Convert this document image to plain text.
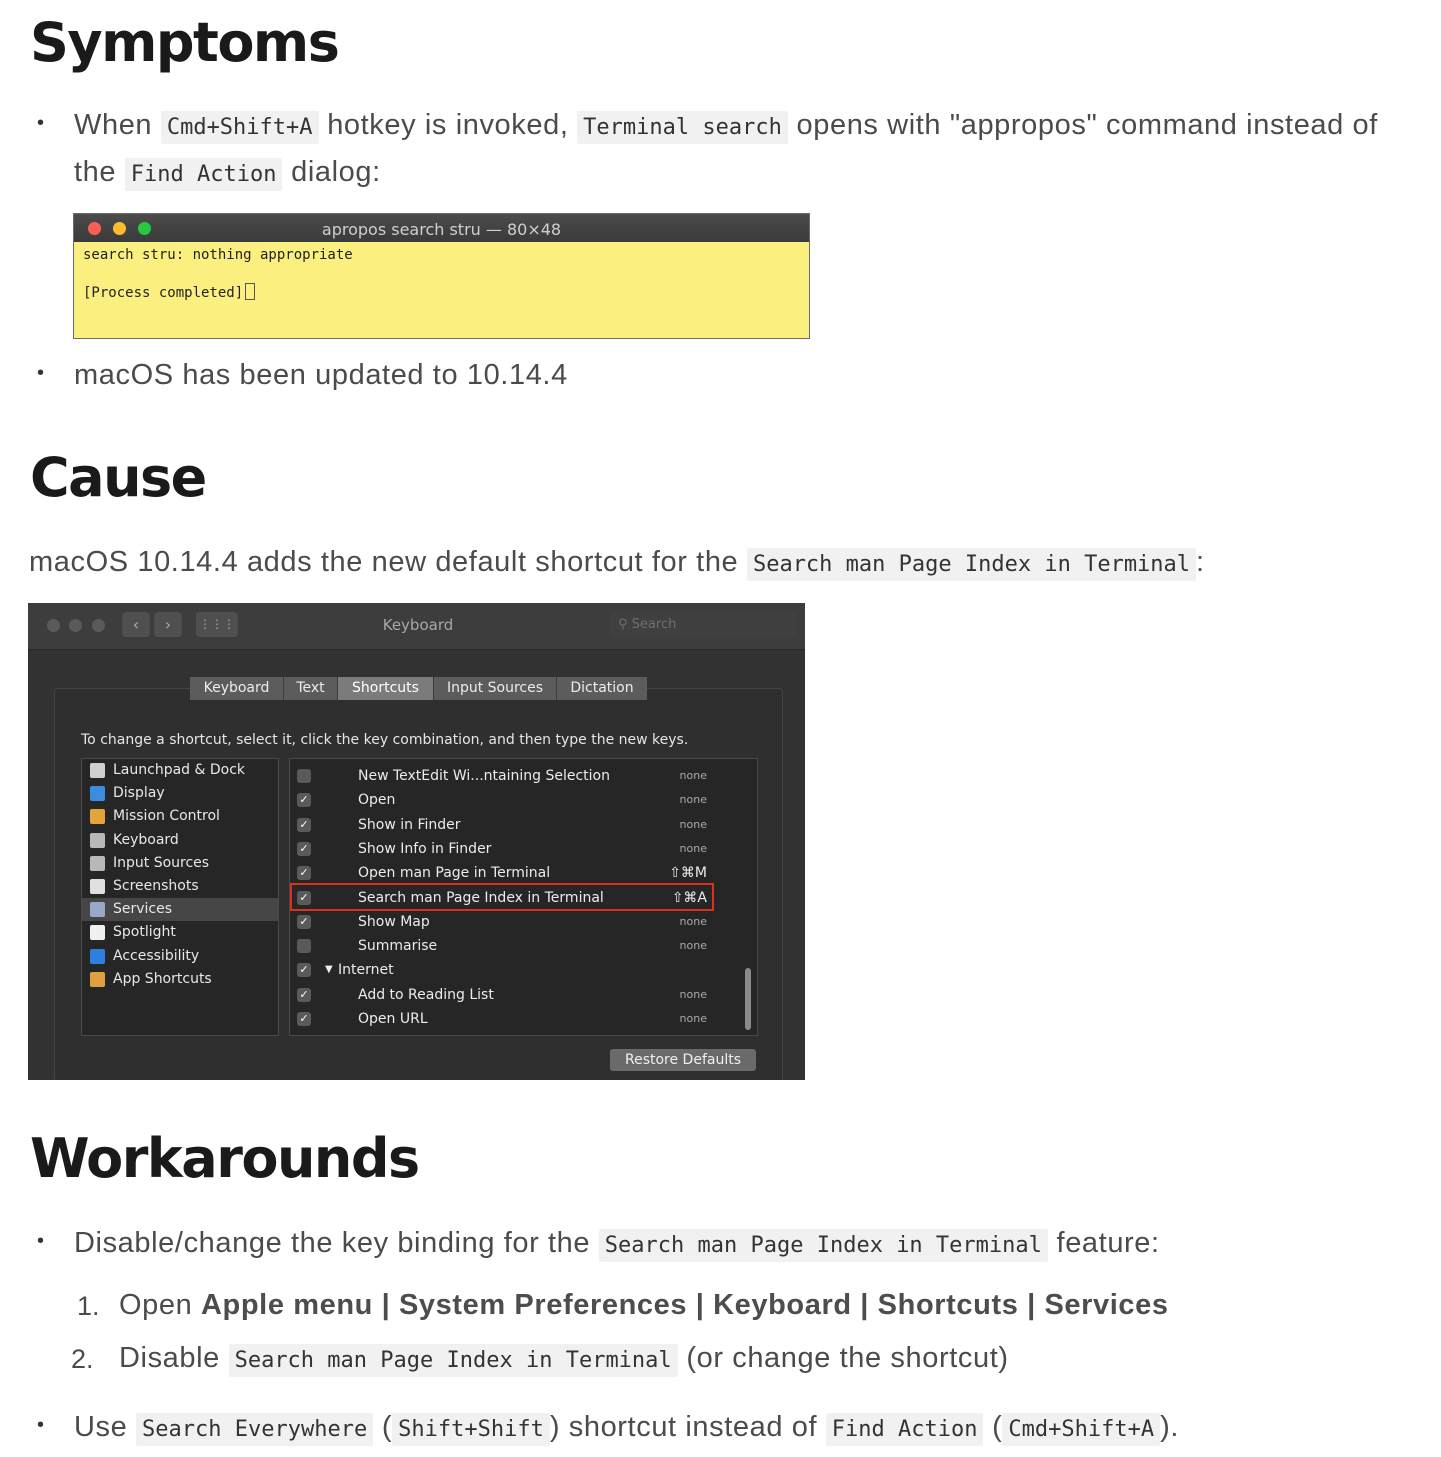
Symptoms
• When Cmd+Shift+A hotkey is invoked, Terminal search opens with "appropos" command instead of
the Find Action dialog:
apropos search stru — 80×48
search stru: nothing appropriate
[Process completed]
• macOS has been updated to 10.14.4
Cause
macOS 10.14.4 adds the new default shortcut for the Search man Page Index in Terminal :
‹	›	⋮⋮⋮	Keyboard	⚲ Search
Keyboard	Text	Shortcuts	Input Sources	Dictation
To change a shortcut, select it, click the key combination, and then type the new keys.
Launchpad & Dock
Display
Mission Control
Keyboard
Input Sources
Screenshots
Services
Spotlight
Accessibility
App Shortcuts
New TextEdit Wi...ntaining Selection	none
✓	Open	none
✓	Show in Finder	none
✓	Show Info in Finder	none
✓	Open man Page in Terminal	⇧⌘M
✓	Search man Page Index in Terminal	⇧⌘A
✓	Show Map	none
Summarise	none
▼
✓ Internet
✓	Add to Reading List	none
✓	Open URL	none
Restore Defaults
Workarounds
• Disable/change the key binding for the Search man Page Index in Terminal feature:
1. Open Apple menu | System Preferences | Keyboard | Shortcuts | Services
2. Disable Search man Page Index in Terminal (or change the shortcut)
• Use Search Everywhere ( Shift+Shift ) shortcut instead of Find Action ( Cmd+Shift+A ).
